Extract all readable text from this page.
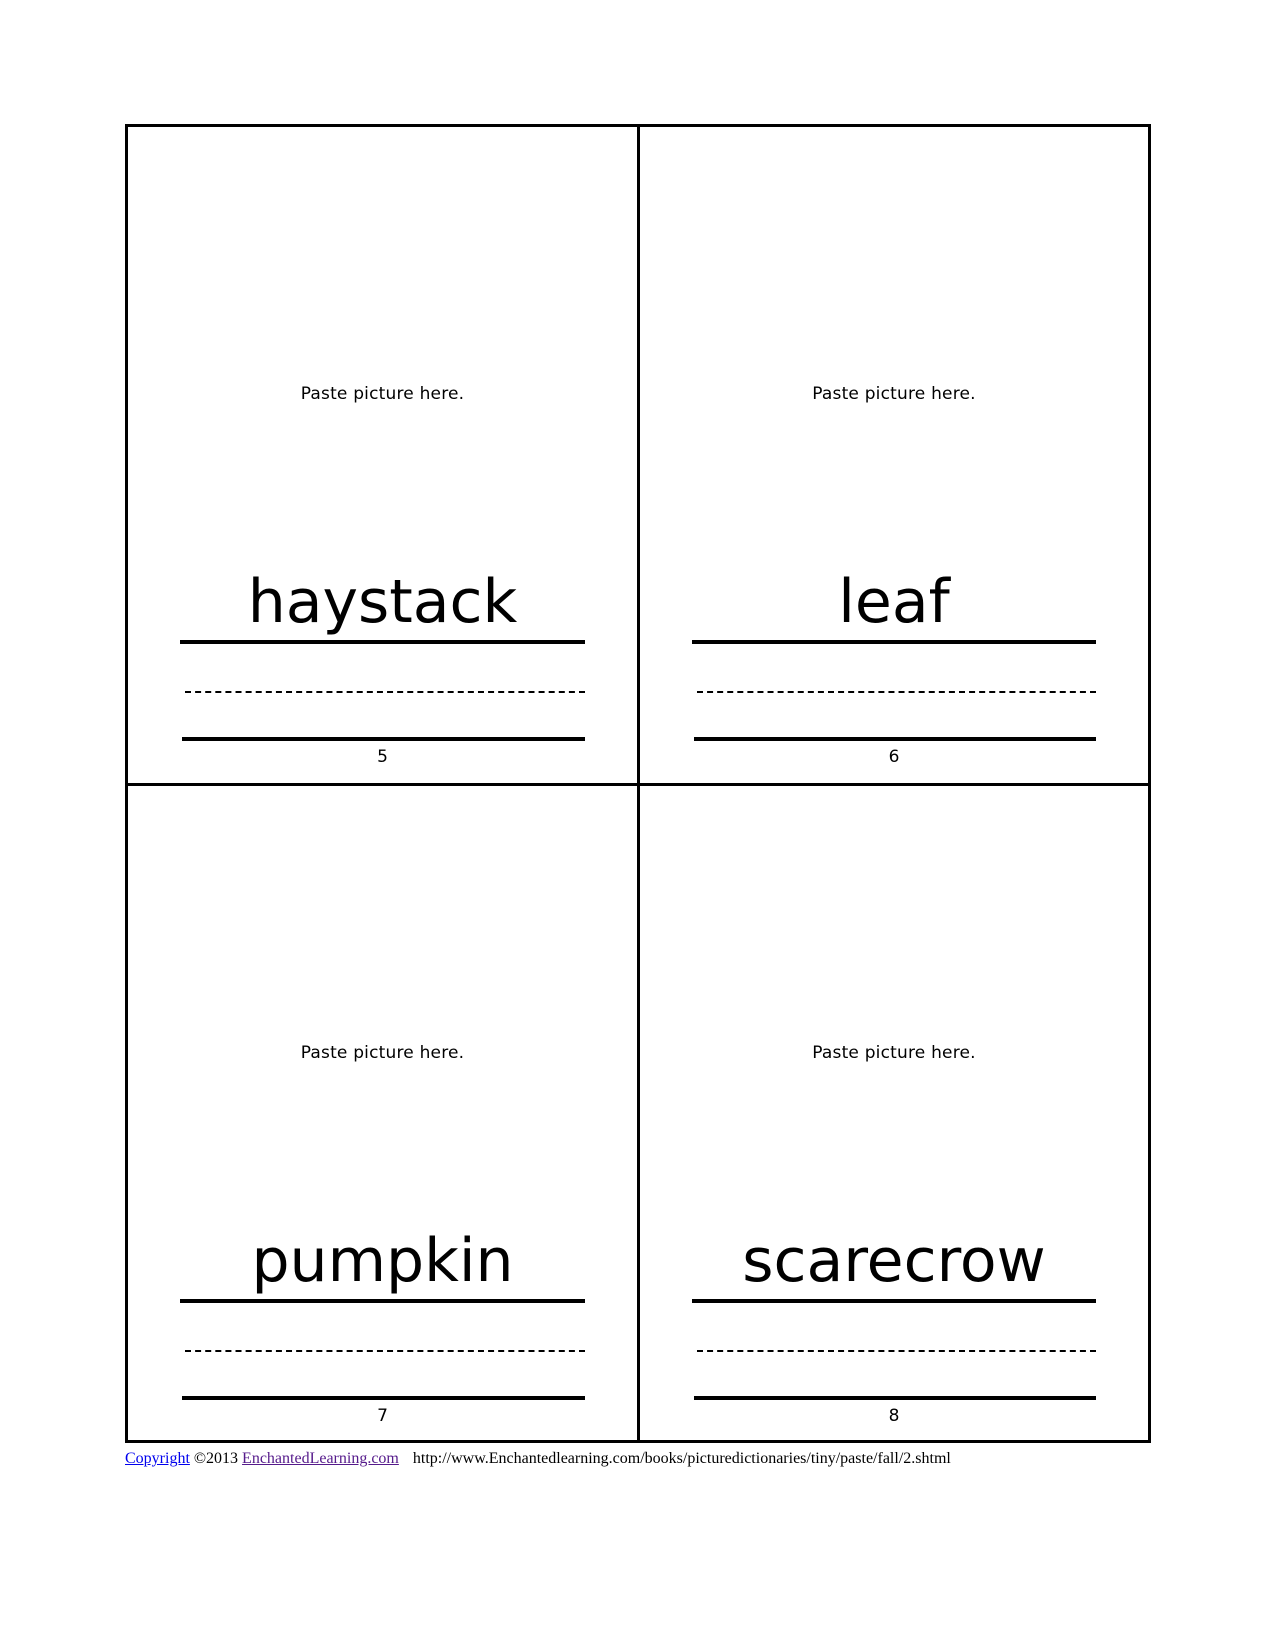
Paste picture here.
haystack
5
Paste picture here.
leaf
6
Paste picture here.
pumpkin
7
Paste picture here.
scarecrow
8
Copyright ©2013 EnchantedLearning.com http://www.Enchantedlearning.com/books/picturedictionaries/tiny/paste/fall/2.shtml
